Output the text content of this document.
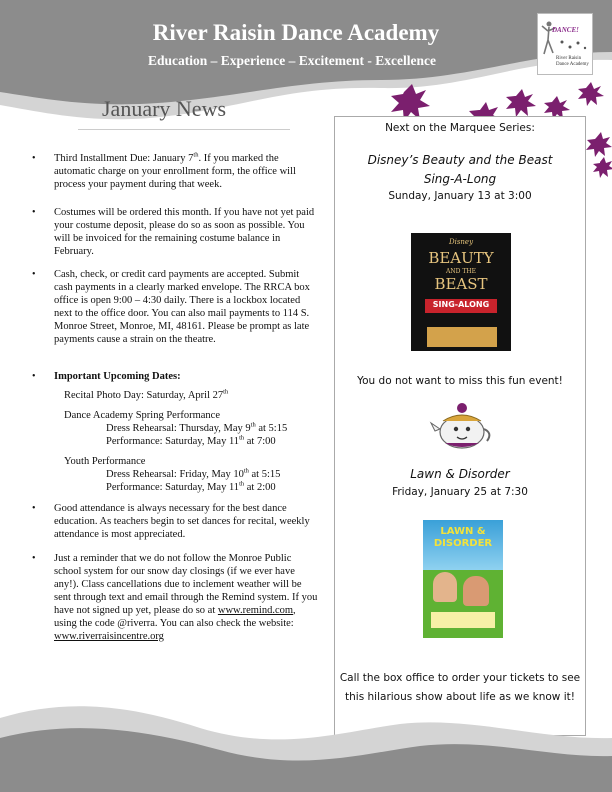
River Raisin Dance Academy
Education – Experience – Excitement - Excellence
DANCE!
River Raisin Dance Academy
January News
• Third Installment Due: January 7th. If you marked the automatic charge on your enrollment form, the office will process your payment during that week.

• Costumes will be ordered this month. If you have not yet paid your costume deposit, please do so as soon as possible. You will be invoiced for the remaining costume balance in February.

• Cash, check, or credit card payments are accepted. Submit cash payments in a clearly marked envelope. The RRCA box office is open 9:00 – 4:30 daily. There is a lockbox located next to the office door. You can also mail payments to 114 S. Monroe Street, Monroe, MI, 48161. Please be prompt as late payments cause a strain on the theatre.

• Important Upcoming Dates:

Recital Photo Day: Saturday, April 27th

Dance Academy Spring Performance

Dress Rehearsal: Thursday, May 9th at 5:15

Performance: Saturday, May 11th at 7:00

Youth Performance

Dress Rehearsal: Friday, May 10th at 5:15

Performance: Saturday, May 11th at 2:00

• Good attendance is always necessary for the best dance education. As teachers begin to set dances for recital, weekly attendance is most appreciated.

• Just a reminder that we do not follow the Monroe Public school system for our snow day closings (if we ever have any!). Class cancellations due to inclement weather will be sent through text and email through the Remind system. If you have not signed up yet, please do so at www.remind.com, using the code @riverra. You can also check the website: www.riverraisincentre.org

Next on the Marquee Series:
Disney’s Beauty and the Beast
Sing-A-Long
Sunday, January 13 at 3:00
Disney
BEAUTY
AND THE
BEAST
SING-ALONG
You do not want to miss this fun event!
Lawn & Disorder
Friday, January 25 at 7:30
LAWN &
DISORDER
Call the box office to order your tickets to see
this hilarious show about life as we know it!
